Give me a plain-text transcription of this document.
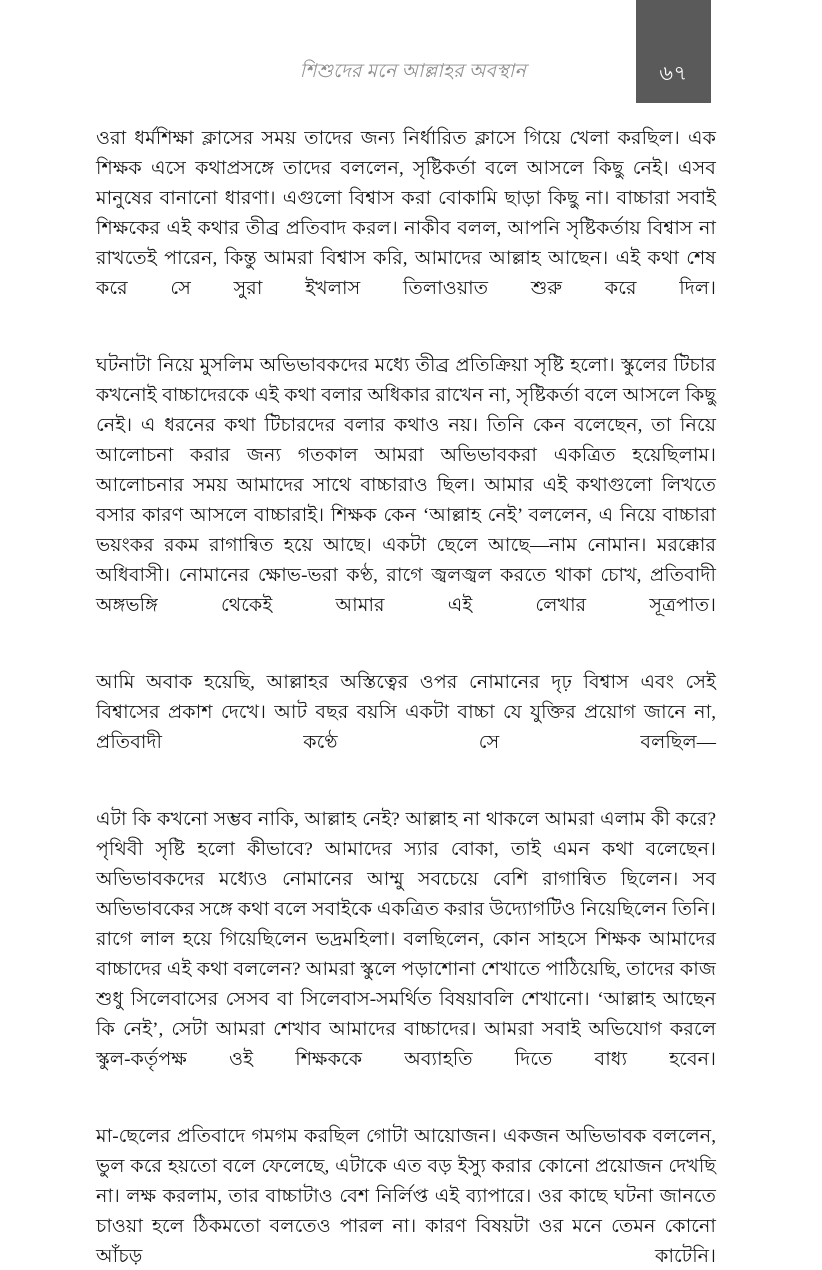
শিশুদের মনে আল্লাহর অবস্থান	৬৭

ওরা ধর্মশিক্ষা ক্লাসের সময় তাদের জন্য নির্ধারিত ক্লাসে গিয়ে খেলা করছিল। এক শিক্ষক এসে কথাপ্রসঙ্গে তাদের বললেন, সৃষ্টিকর্তা বলে আসলে কিছু নেই। এসব মানুষের বানানো ধারণা। এগুলো বিশ্বাস করা বোকামি ছাড়া কিছু না। বাচ্চারা সবাই শিক্ষকের এই কথার তীব্র প্রতিবাদ করল। নাকীব বলল, আপনি সৃষ্টিকর্তায় বিশ্বাস না রাখতেই পারেন, কিন্তু আমরা বিশ্বাস করি, আমাদের আল্লাহ আছেন। এই কথা শেষ করে সে সুরা ইখলাস তিলাওয়াত শুরু করে দিল।

ঘটনাটা নিয়ে মুসলিম অভিভাবকদের মধ্যে তীব্র প্রতিক্রিয়া সৃষ্টি হলো। স্কুলের টিচার কখনোই বাচ্চাদেরকে এই কথা বলার অধিকার রাখেন না, সৃষ্টিকর্তা বলে আসলে কিছু নেই। এ ধরনের কথা টিচারদের বলার কথাও নয়। তিনি কেন বলেছেন, তা নিয়ে আলোচনা করার জন্য গতকাল আমরা অভিভাবকরা একত্রিত হয়েছিলাম। আলোচনার সময় আমাদের সাথে বাচ্চারাও ছিল। আমার এই কথাগুলো লিখতে বসার কারণ আসলে বাচ্চারাই। শিক্ষক কেন ‘আল্লাহ নেই’ বললেন, এ নিয়ে বাচ্চারা ভয়ংকর রকম রাগান্বিত হয়ে আছে। একটা ছেলে আছে—নাম নোমান। মরক্কোর অধিবাসী। নোমানের ক্ষোভ-ভরা কণ্ঠ, রাগে জ্বলজ্বল করতে থাকা চোখ, প্রতিবাদী অঙ্গভঙ্গি থেকেই আমার এই লেখার সূত্রপাত।

আমি অবাক হয়েছি, আল্লাহর অস্তিত্বের ওপর নোমানের দৃঢ় বিশ্বাস এবং সেই বিশ্বাসের প্রকাশ দেখে। আট বছর বয়সি একটা বাচ্চা যে যুক্তির প্রয়োগ জানে না, প্রতিবাদী কণ্ঠে সে বলছিল—

এটা কি কখনো সম্ভব নাকি, আল্লাহ নেই? আল্লাহ না থাকলে আমরা এলাম কী করে? পৃথিবী সৃষ্টি হলো কীভাবে? আমাদের স্যার বোকা, তাই এমন কথা বলেছেন। অভিভাবকদের মধ্যেও নোমানের আম্মু সবচেয়ে বেশি রাগান্বিত ছিলেন। সব অভিভাবকের সঙ্গে কথা বলে সবাইকে একত্রিত করার উদ্যোগটিও নিয়েছিলেন তিনি। রাগে লাল হয়ে গিয়েছিলেন ভদ্রমহিলা। বলছিলেন, কোন সাহসে শিক্ষক আমাদের বাচ্চাদের এই কথা বললেন? আমরা স্কুলে পড়াশোনা শেখাতে পাঠিয়েছি, তাদের কাজ শুধু সিলেবাসের সেসব বা সিলেবাস-সমর্থিত বিষয়াবলি শেখানো। ‘আল্লাহ আছেন কি নেই’, সেটা আমরা শেখাব আমাদের বাচ্চাদের। আমরা সবাই অভিযোগ করলে স্কুল-কর্তৃপক্ষ ওই শিক্ষককে অব্যাহতি দিতে বাধ্য হবেন।

মা-ছেলের প্রতিবাদে গমগম করছিল গোটা আয়োজন। একজন অভিভাবক বললেন, ভুল করে হয়তো বলে ফেলেছে, এটাকে এত বড় ইস্যু করার কোনো প্রয়োজন দেখছি না। লক্ষ করলাম, তার বাচ্চাটাও বেশ নির্লিপ্ত এই ব্যাপারে। ওর কাছে ঘটনা জানতে চাওয়া হলে ঠিকমতো বলতেও পারল না। কারণ বিষয়টা ওর মনে তেমন কোনো আঁচড় কাটেনি।
